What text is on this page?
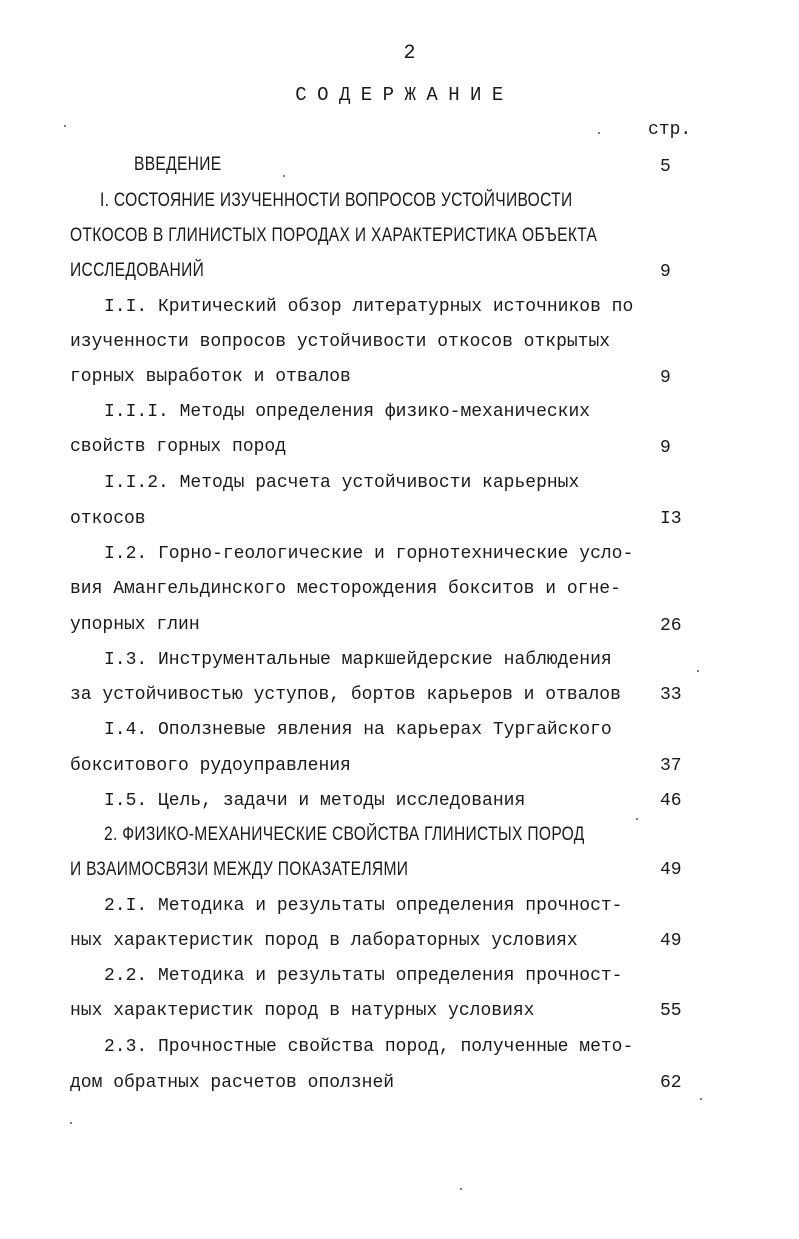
2
СОДЕРЖАНИЕ
стр.
ВВЕДЕНИЕ	5
I. СОСТОЯНИЕ ИЗУЧЕННОСТИ ВОПРОСОВ УСТОЙЧИВОСТИ
ОТКОСОВ В ГЛИНИСТЫХ ПОРОДАХ И ХАРАКТЕРИСТИКА ОБЪЕКТА
ИССЛЕДОВАНИЙ	9
I.I. Критический обзор литературных источников по
изученности вопросов устойчивости откосов открытых
горных выработок и отвалов	9
I.I.I. Методы определения физико-механических
свойств горных пород	9
I.I.2. Методы расчета устойчивости карьерных
откосов	I3
I.2. Горно-геологические и горнотехнические усло-
вия Амангельдинского месторождения бокситов и огне-
упорных глин	26
I.3. Инструментальные маркшейдерские наблюдения
за устойчивостью уступов, бортов карьеров и отвалов 33
I.4. Оползневые явления на карьерах Тургайского
бокситового рудоуправления	37
I.5. Цель, задачи и методы исследования	46
2. ФИЗИКО-МЕХАНИЧЕСКИЕ СВОЙСТВА ГЛИНИСТЫХ ПОРОД
И ВЗАИМОСВЯЗИ МЕЖДУ ПОКАЗАТЕЛЯМИ	49
2.I. Методика и результаты определения прочност-
ных характеристик пород в лабораторных условиях	49
2.2. Методика и результаты определения прочност-
ных характеристик пород в натурных условиях	55
2.3. Прочностные свойства пород, полученные мето-
дом обратных расчетов оползней	62
